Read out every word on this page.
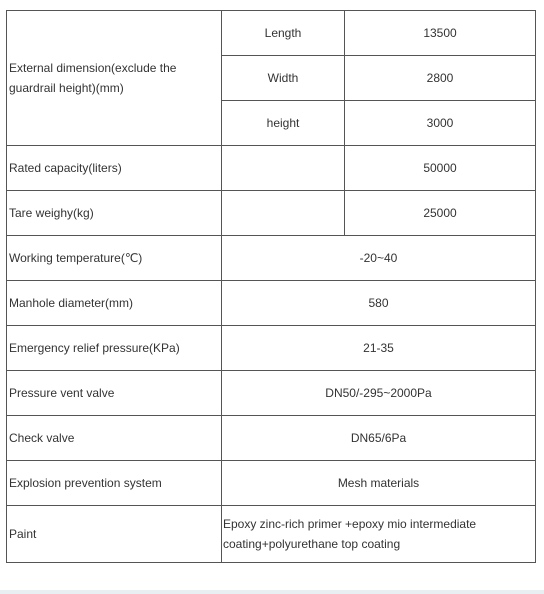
External dimension(exclude the guardrail height)(mm)	Length	13500
	Width	2800
	height	3000
Rated capacity(liters)		50000
Tare weighy(kg)		25000
Working temperature(℃)	-20~40	
Manhole diameter(mm)	580	
Emergency relief pressure(KPa)	21-35	
Pressure vent valve	DN50/-295~2000Pa	
Check valve	DN65/6Pa	
Explosion prevention system	Mesh materials	
Paint	Epoxy zinc-rich primer +epoxy mio intermediate coating+polyurethane top coating	
